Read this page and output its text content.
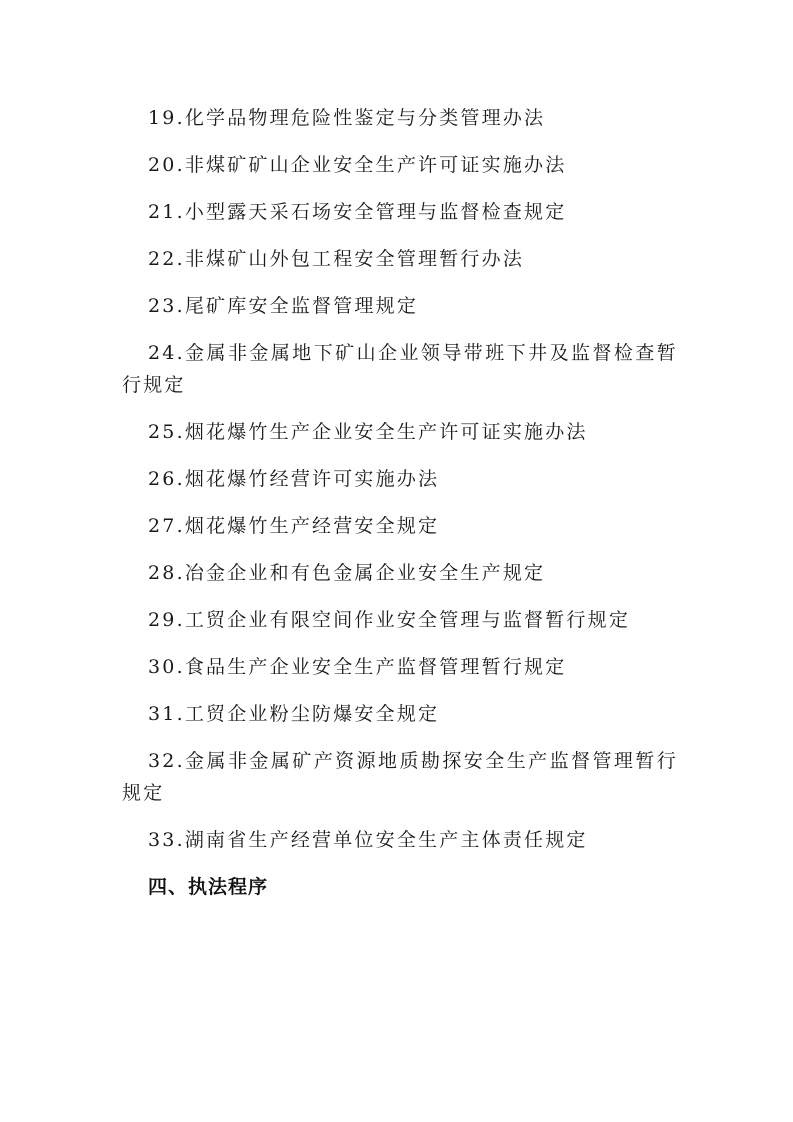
19.化学品物理危险性鉴定与分类管理办法

20.非煤矿矿山企业安全生产许可证实施办法

21.小型露天采石场安全管理与监督检查规定

22.非煤矿山外包工程安全管理暂行办法

23.尾矿库安全监督管理规定

24.金属非金属地下矿山企业领导带班下井及监督检查暂行规定

25.烟花爆竹生产企业安全生产许可证实施办法

26.烟花爆竹经营许可实施办法

27.烟花爆竹生产经营安全规定

28.冶金企业和有色金属企业安全生产规定

29.工贸企业有限空间作业安全管理与监督暂行规定

30.食品生产企业安全生产监督管理暂行规定

31.工贸企业粉尘防爆安全规定

32.金属非金属矿产资源地质勘探安全生产监督管理暂行规定

33.湖南省生产经营单位安全生产主体责任规定

四、执法程序
